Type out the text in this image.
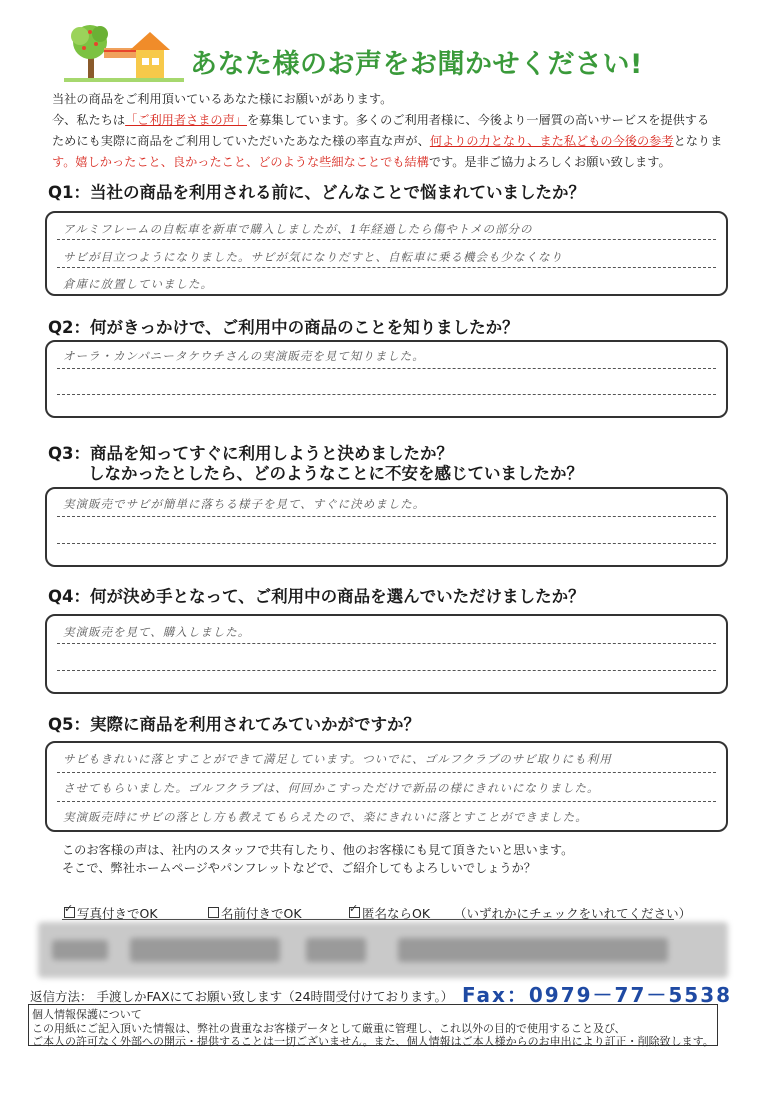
あなた様のお声をお聞かせください!
当社の商品をご利用頂いているあなた様にお願いがあります。
今、私たちは「ご利用者さまの声」を募集しています。多くのご利用者様に、今後より一層質の高いサービスを提供する
ためにも実際に商品をご利用していただいたあなた様の率直な声が、何よりの力となり、また私どもの今後の参考となりま
す。嬉しかったこと、良かったこと、どのような些細なことでも結構です。是非ご協力よろしくお願い致します。
Q1：当社の商品を利用される前に、どんなことで悩まれていましたか？
アルミフレームの自転車を新車で購入しましたが、1年経過したら傷やトメの部分の
サビが目立つようになりました。サビが気になりだすと、自転車に乗る機会も少なくなり
倉庫に放置していました。
Q2：何がきっかけで、ご利用中の商品のことを知りましたか？
オーラ・カンパニータケウチさんの実演販売を見て知りました。
Q3：商品を知ってすぐに利用しようと決めましたか？
しなかったとしたら、どのようなことに不安を感じていましたか？
実演販売でサビが簡単に落ちる様子を見て、すぐに決めました。
Q4：何が決め手となって、ご利用中の商品を選んでいただけましたか？
実演販売を見て、購入しました。
Q5：実際に商品を利用されてみていかがですか？
サビもきれいに落とすことができて満足しています。ついでに、ゴルフクラブのサビ取りにも利用
させてもらいました。ゴルフクラブは、何回かこすっただけで新品の様にきれいになりました。
実演販売時にサビの落とし方も教えてもらえたので、楽にきれいに落とすことができました。
このお客様の声は、社内のスタッフで共有したり、他のお客様にも見て頂きたいと思います。
そこで、弊社ホームページやパンフレットなどで、ご紹介してもよろしいでしょうか？
✓写真付きでOK	名前付きでOK
✓	匿名ならOK （いずれかにチェックをいれてください）
返信方法： 手渡しかFAXにてお願い致します（24時間受付けております。） Fax：0979－77－5538
個人情報保護について
この用紙にご記入頂いた情報は、弊社の貴重なお客様データとして厳重に管理し、これ以外の目的で使用すること及び、
ご本人の許可なく外部への開示・提供することは一切ございません。また、個人情報はご本人様からのお申出により訂正・削除致します。
